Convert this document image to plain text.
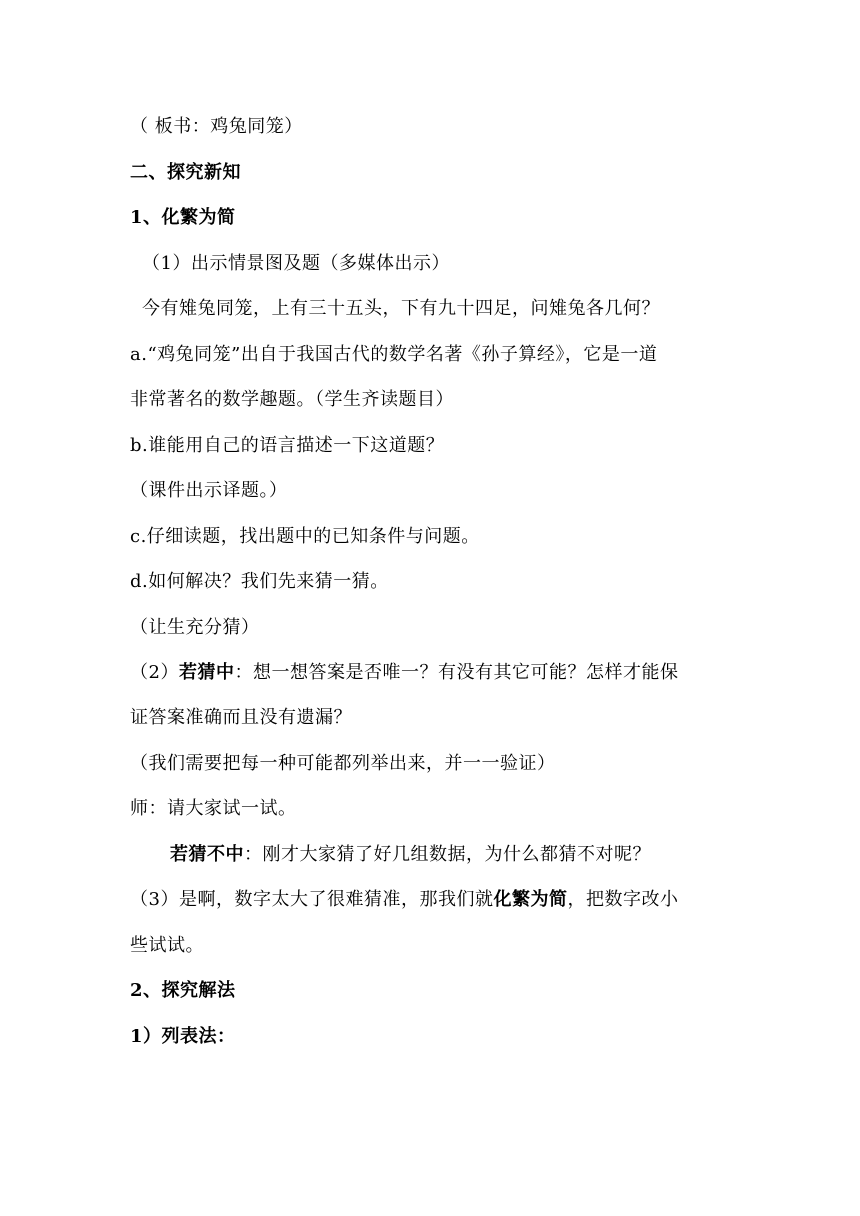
（ 板书：鸡兔同笼）
二、探究新知
1、化繁为简
（1）出示情景图及题（多媒体出示）
今有雉兔同笼，上有三十五头，下有九十四足，问雉兔各几何？
a.“鸡兔同笼”出自于我国古代的数学名著《孙子算经》，它是一道
非常著名的数学趣题。（学生齐读题目）
b.谁能用自己的语言描述一下这道题？
（课件出示译题。）
c.仔细读题，找出题中的已知条件与问题。
d.如何解决？我们先来猜一猜。
（让生充分猜）
（2）若猜中：想一想答案是否唯一？有没有其它可能？怎样才能保
证答案准确而且没有遗漏？
（我们需要把每一种可能都列举出来，并一一验证）
师：请大家试一试。
若猜不中：刚才大家猜了好几组数据，为什么都猜不对呢？
（3）是啊，数字太大了很难猜准，那我们就化繁为简，把数字改小
些试试。
2、探究解法
1）列表法：
